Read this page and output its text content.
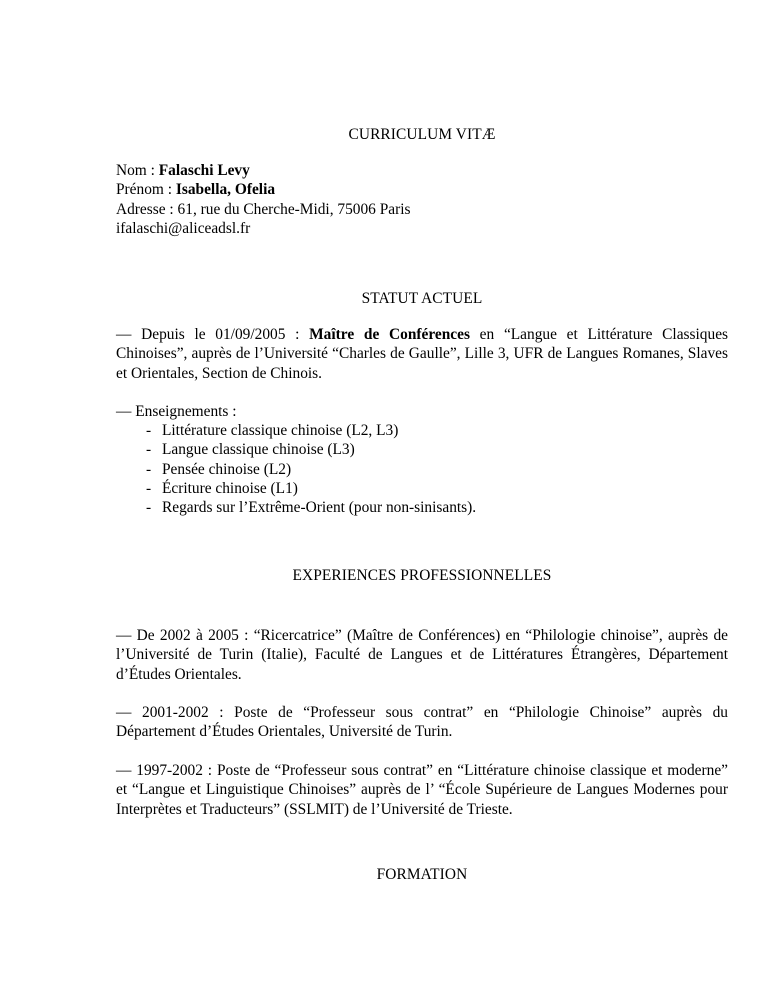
CURRICULUM VITÆ
Nom : Falaschi Levy
Prénom : Isabella, Ofelia
Adresse : 61, rue du Cherche-Midi, 75006 Paris
ifalaschi@aliceadsl.fr
STATUT ACTUEL
— Depuis le 01/09/2005 : Maître de Conférences en “Langue et Littérature Classiques Chinoises”, auprès de l’Université “Charles de Gaulle”, Lille 3, UFR de Langues Romanes, Slaves et Orientales, Section de Chinois.
— Enseignements :
- Littérature classique chinoise (L2, L3)
- Langue classique chinoise (L3)
- Pensée chinoise (L2)
- Écriture chinoise (L1)
- Regards sur l’Extrême-Orient (pour non-sinisants).
EXPERIENCES PROFESSIONNELLES
— De 2002 à 2005 : “Ricercatrice” (Maître de Conférences) en “Philologie chinoise”, auprès de l’Université de Turin (Italie), Faculté de Langues et de Littératures Étrangères, Département d’Études Orientales.
— 2001-2002 : Poste de “Professeur sous contrat” en “Philologie Chinoise” auprès du Département d’Études Orientales, Université de Turin.
— 1997-2002 : Poste de “Professeur sous contrat” en “Littérature chinoise classique et moderne” et “Langue et Linguistique Chinoises” auprès de l’ “École Supérieure de Langues Modernes pour Interprètes et Traducteurs” (SSLMIT) de l’Université de Trieste.
FORMATION
